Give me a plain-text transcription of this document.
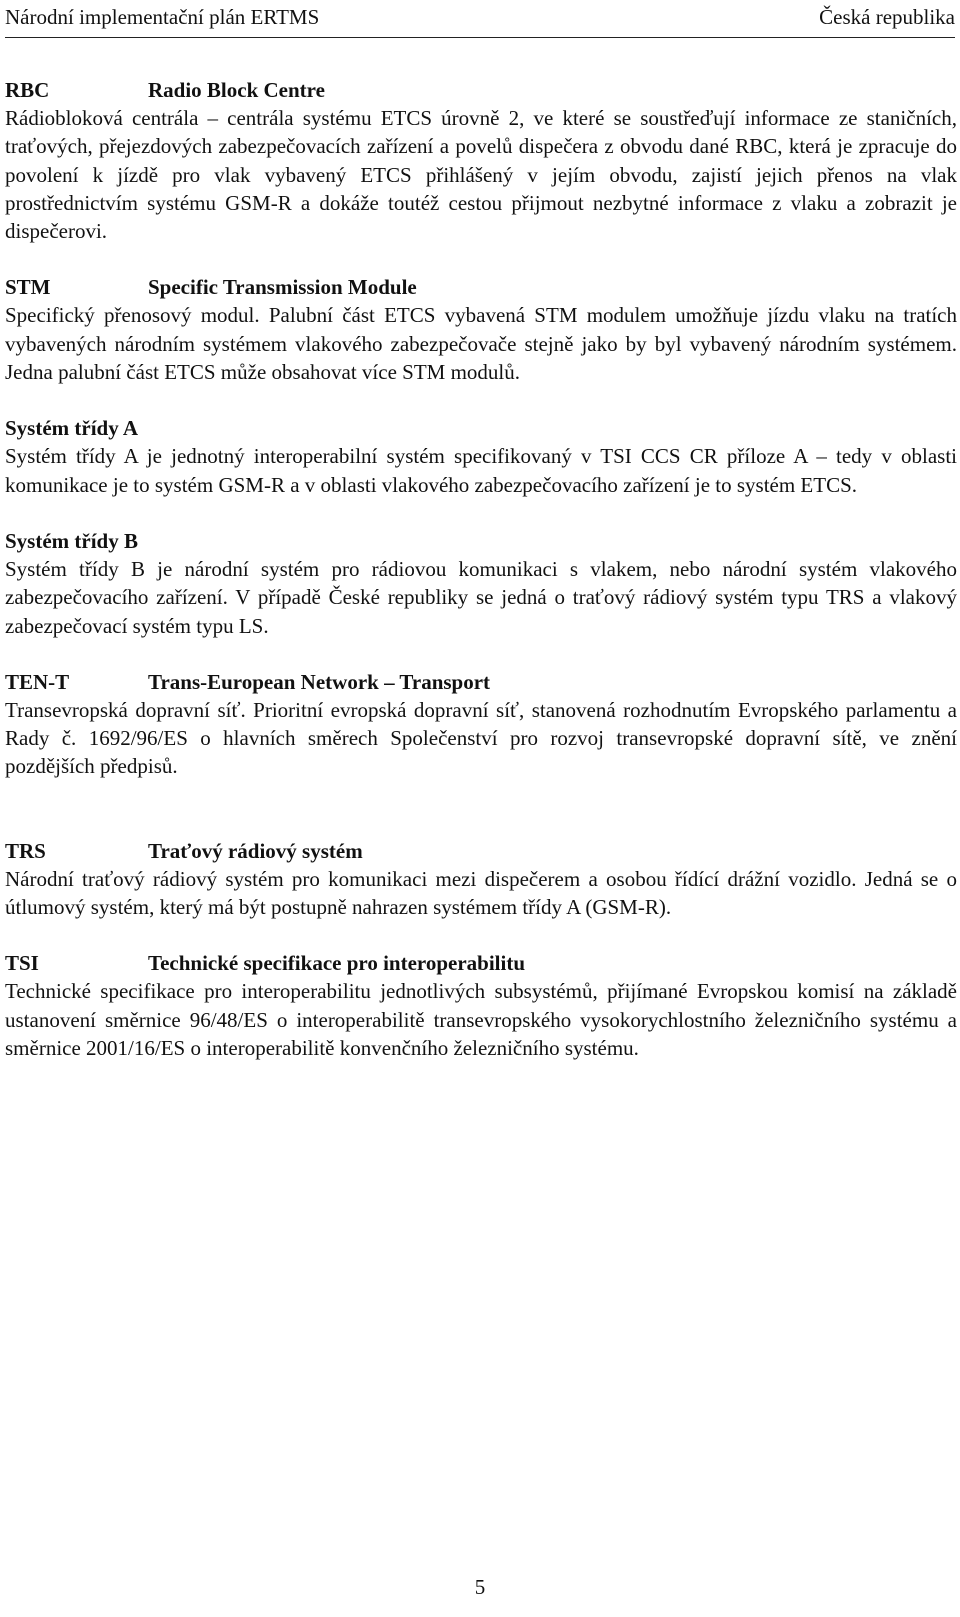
Národní implementační plán ERTMS	Česká republika
RBC	Radio Block Centre

Rádiobloková centrála – centrála systému ETCS úrovně 2, ve které se soustřeďují informace ze staničních, traťových, přejezdových zabezpečovacích zařízení a povelů dispečera z obvodu dané RBC, která je zpracuje do povolení k jízdě pro vlak vybavený ETCS přihlášený v jejím obvodu, zajistí jejich přenos na vlak prostřednictvím systému GSM-R a dokáže toutéž cestou přijmout nezbytné informace z vlaku a zobrazit je dispečerovi.

STM	Specific Transmission Module

Specifický přenosový modul. Palubní část ETCS vybavená STM modulem umožňuje jízdu vlaku na tratích vybavených národním systémem vlakového zabezpečovače stejně jako by byl vybavený národním systémem. Jedna palubní část ETCS může obsahovat více STM modulů.

Systém třídy A

Systém třídy A je jednotný interoperabilní systém specifikovaný v TSI CCS CR příloze A – tedy v oblasti komunikace je to systém GSM-R a v oblasti vlakového zabezpečovacího zařízení je to systém ETCS.

Systém třídy B

Systém třídy B je národní systém pro rádiovou komunikaci s vlakem, nebo národní systém vlakového zabezpečovacího zařízení. V případě České republiky se jedná o traťový rádiový systém typu TRS a vlakový zabezpečovací systém typu LS.

TEN-T	Trans-European Network – Transport

Transevropská dopravní síť. Prioritní evropská dopravní síť, stanovená rozhodnutím Evropského parlamentu a Rady č. 1692/96/ES o hlavních směrech Společenství pro rozvoj transevropské dopravní sítě, ve znění pozdějších předpisů.

TRS	Traťový rádiový systém

Národní traťový rádiový systém pro komunikaci mezi dispečerem a osobou řídící drážní vozidlo. Jedná se o útlumový systém, který má být postupně nahrazen systémem třídy A (GSM-R).

TSI	Technické specifikace pro interoperabilitu

Technické specifikace pro interoperabilitu jednotlivých subsystémů, přijímané Evropskou komisí na základě ustanovení směrnice 96/48/ES o interoperabilitě transevropského vysokorychlostního železničního systému a směrnice 2001/16/ES o interoperabilitě konvenčního železničního systému.

5
